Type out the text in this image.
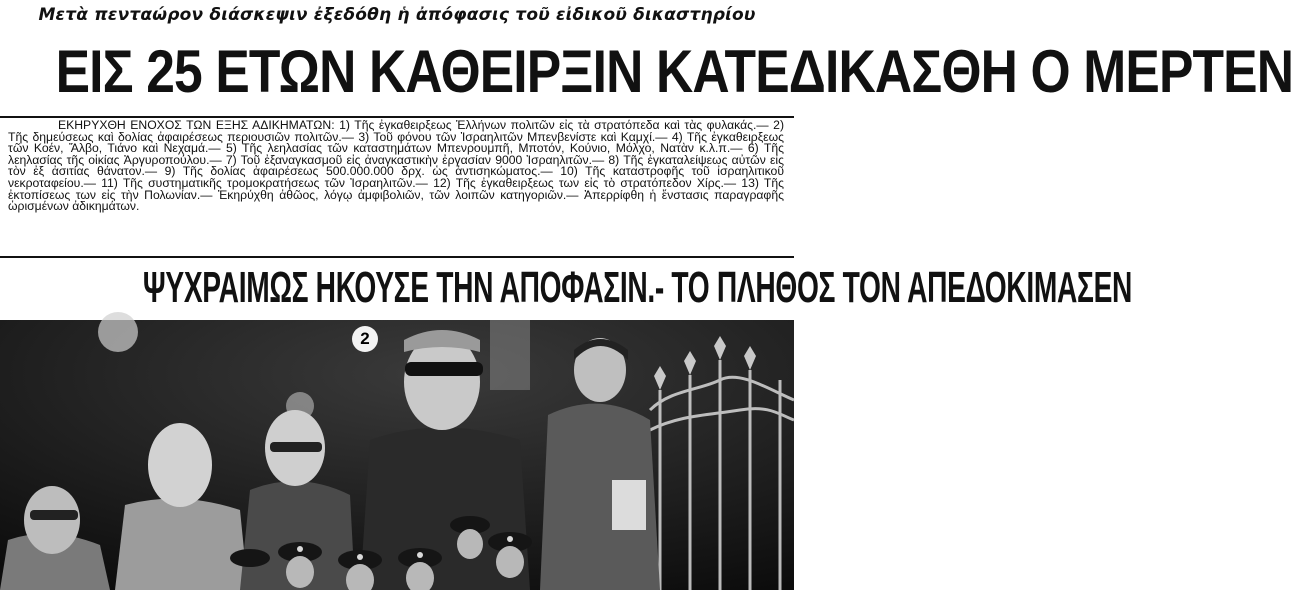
Μετὰ πενταώρον διάσκεψιν ἐξεδόθη ἡ ἀπόφασις τοῦ εἰδικοῦ δικαστηρίου
ΕΙΣ 25 ΕΤΩΝ ΚΑΘΕΙΡΞΙΝ ΚΑΤΕΔΙΚΑΣΘΗ Ο ΜΕΡΤΕΝ
ΕΚΗΡΥΧΘΗ ΕΝΟΧΟΣ ΤΩΝ ΕΞΗΣ ΑΔΙΚΗΜΑΤΩΝ: 1) Τῆς ἐγκαθειρξεως Ἑλλήνων πολιτῶν εἰς τὰ στρατόπεδα καὶ τὰς φυλακάς.— 2) Τῆς δημεύσεως καὶ δολίας ἀφαιρέσεως περιουσιῶν πολιτῶν.— 3) Τοῦ φόνου τῶν Ἰσραηλιτῶν Μπενβενίστε καὶ Καμχί.— 4) Τῆς ἐγκαθειρξεως τῶν Κοέν, Ἄλβο, Τιάνο καὶ Νεχαμά.— 5) Τῆς λεηλασίας τῶν καταστημάτων Μπενρουμπῆ, Μποτόν, Κούνιο, Μόλχο, Νατὰν κ.λ.π.— 6) Τῆς λεηλασίας τῆς οἰκίας Ἀργυροπούλου.— 7) Τοῦ ἐξαναγκασμοῦ εἰς ἀναγκαστικὴν ἐργασίαν 9000 Ἰσραηλιτῶν.— 8) Τῆς ἐγκαταλείψεως αὐτῶν εἰς τὸν ἐξ ἀσιτίας θάνατον.— 9) Τῆς δολίας ἀφαιρέσεως 500.000.000 δρχ. ὡς ἀντισηκώματος.— 10) Τῆς καταστροφῆς τοῦ ἰσραηλιτικοῦ νεκροταφείου.— 11) Τῆς συστηματικῆς τρομοκρατήσεως τῶν Ἰσραηλιτῶν.— 12) Τῆς ἐγκαθειρξεως των εἰς τὸ στρατόπεδον Χίρς.— 13) Τῆς ἐκτοπίσεως των εἰς τὴν Πολωνίαν.— Ἐκηρύχθη ἀθῶος, λόγῳ ἀμφιβολιῶν, τῶν λοιπῶν κατηγοριῶν.— Ἀπερρίφθη ἡ ἔνστασις παραγραφῆς ὡρισμένων ἀδικημάτων.
ΨΥΧΡΑΙΜΩΣ ΗΚΟΥΣΕ ΤΗΝ ΑΠΟΦΑΣΙΝ.- ΤΟ ΠΛΗΘΟΣ ΤΟΝ ΑΠΕΔΟΚΙΜΑΣΕΝ
2
